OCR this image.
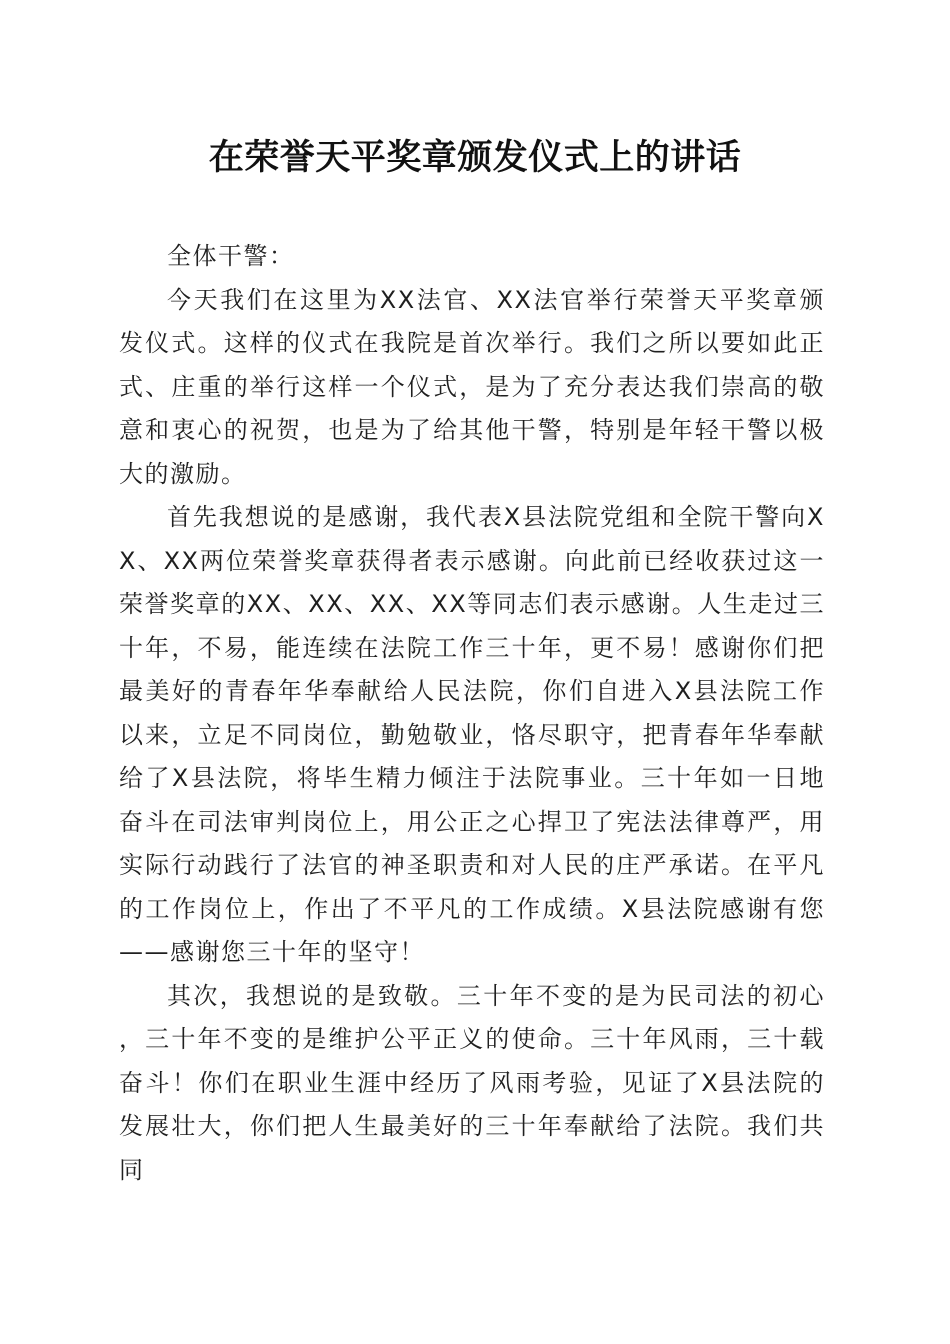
在荣誉天平奖章颁发仪式上的讲话

全体干警：

今天我们在这里为XX法官、XX法官举行荣誉天平奖章颁发仪式。这样的仪式在我院是首次举行。我们之所以要如此正式、庄重的举行这样一个仪式，是为了充分表达我们崇高的敬意和衷心的祝贺，也是为了给其他干警，特别是年轻干警以极大的激励。

首先我想说的是感谢，我代表X县法院党组和全院干警向XX、XX两位荣誉奖章获得者表示感谢。向此前已经收获过这一荣誉奖章的XX、XX、XX、XX等同志们表示感谢。人生走过三十年，不易，能连续在法院工作三十年，更不易！感谢你们把最美好的青春年华奉献给人民法院，你们自进入X县法院工作以来，立足不同岗位，勤勉敬业，恪尽职守，把青春年华奉献给了X县法院，将毕生精力倾注于法院事业。三十年如一日地奋斗在司法审判岗位上，用公正之心捍卫了宪法法律尊严，用实际行动践行了法官的神圣职责和对人民的庄严承诺。在平凡的工作岗位上，作出了不平凡的工作成绩。X县法院感谢有您——感谢您三十年的坚守！

其次，我想说的是致敬。三十年不变的是为民司法的初心，三十年不变的是维护公平正义的使命。三十年风雨，三十载奋斗！你们在职业生涯中经历了风雨考验，见证了X县法院的发展壮大，你们把人生最美好的三十年奉献给了法院。我们共同
